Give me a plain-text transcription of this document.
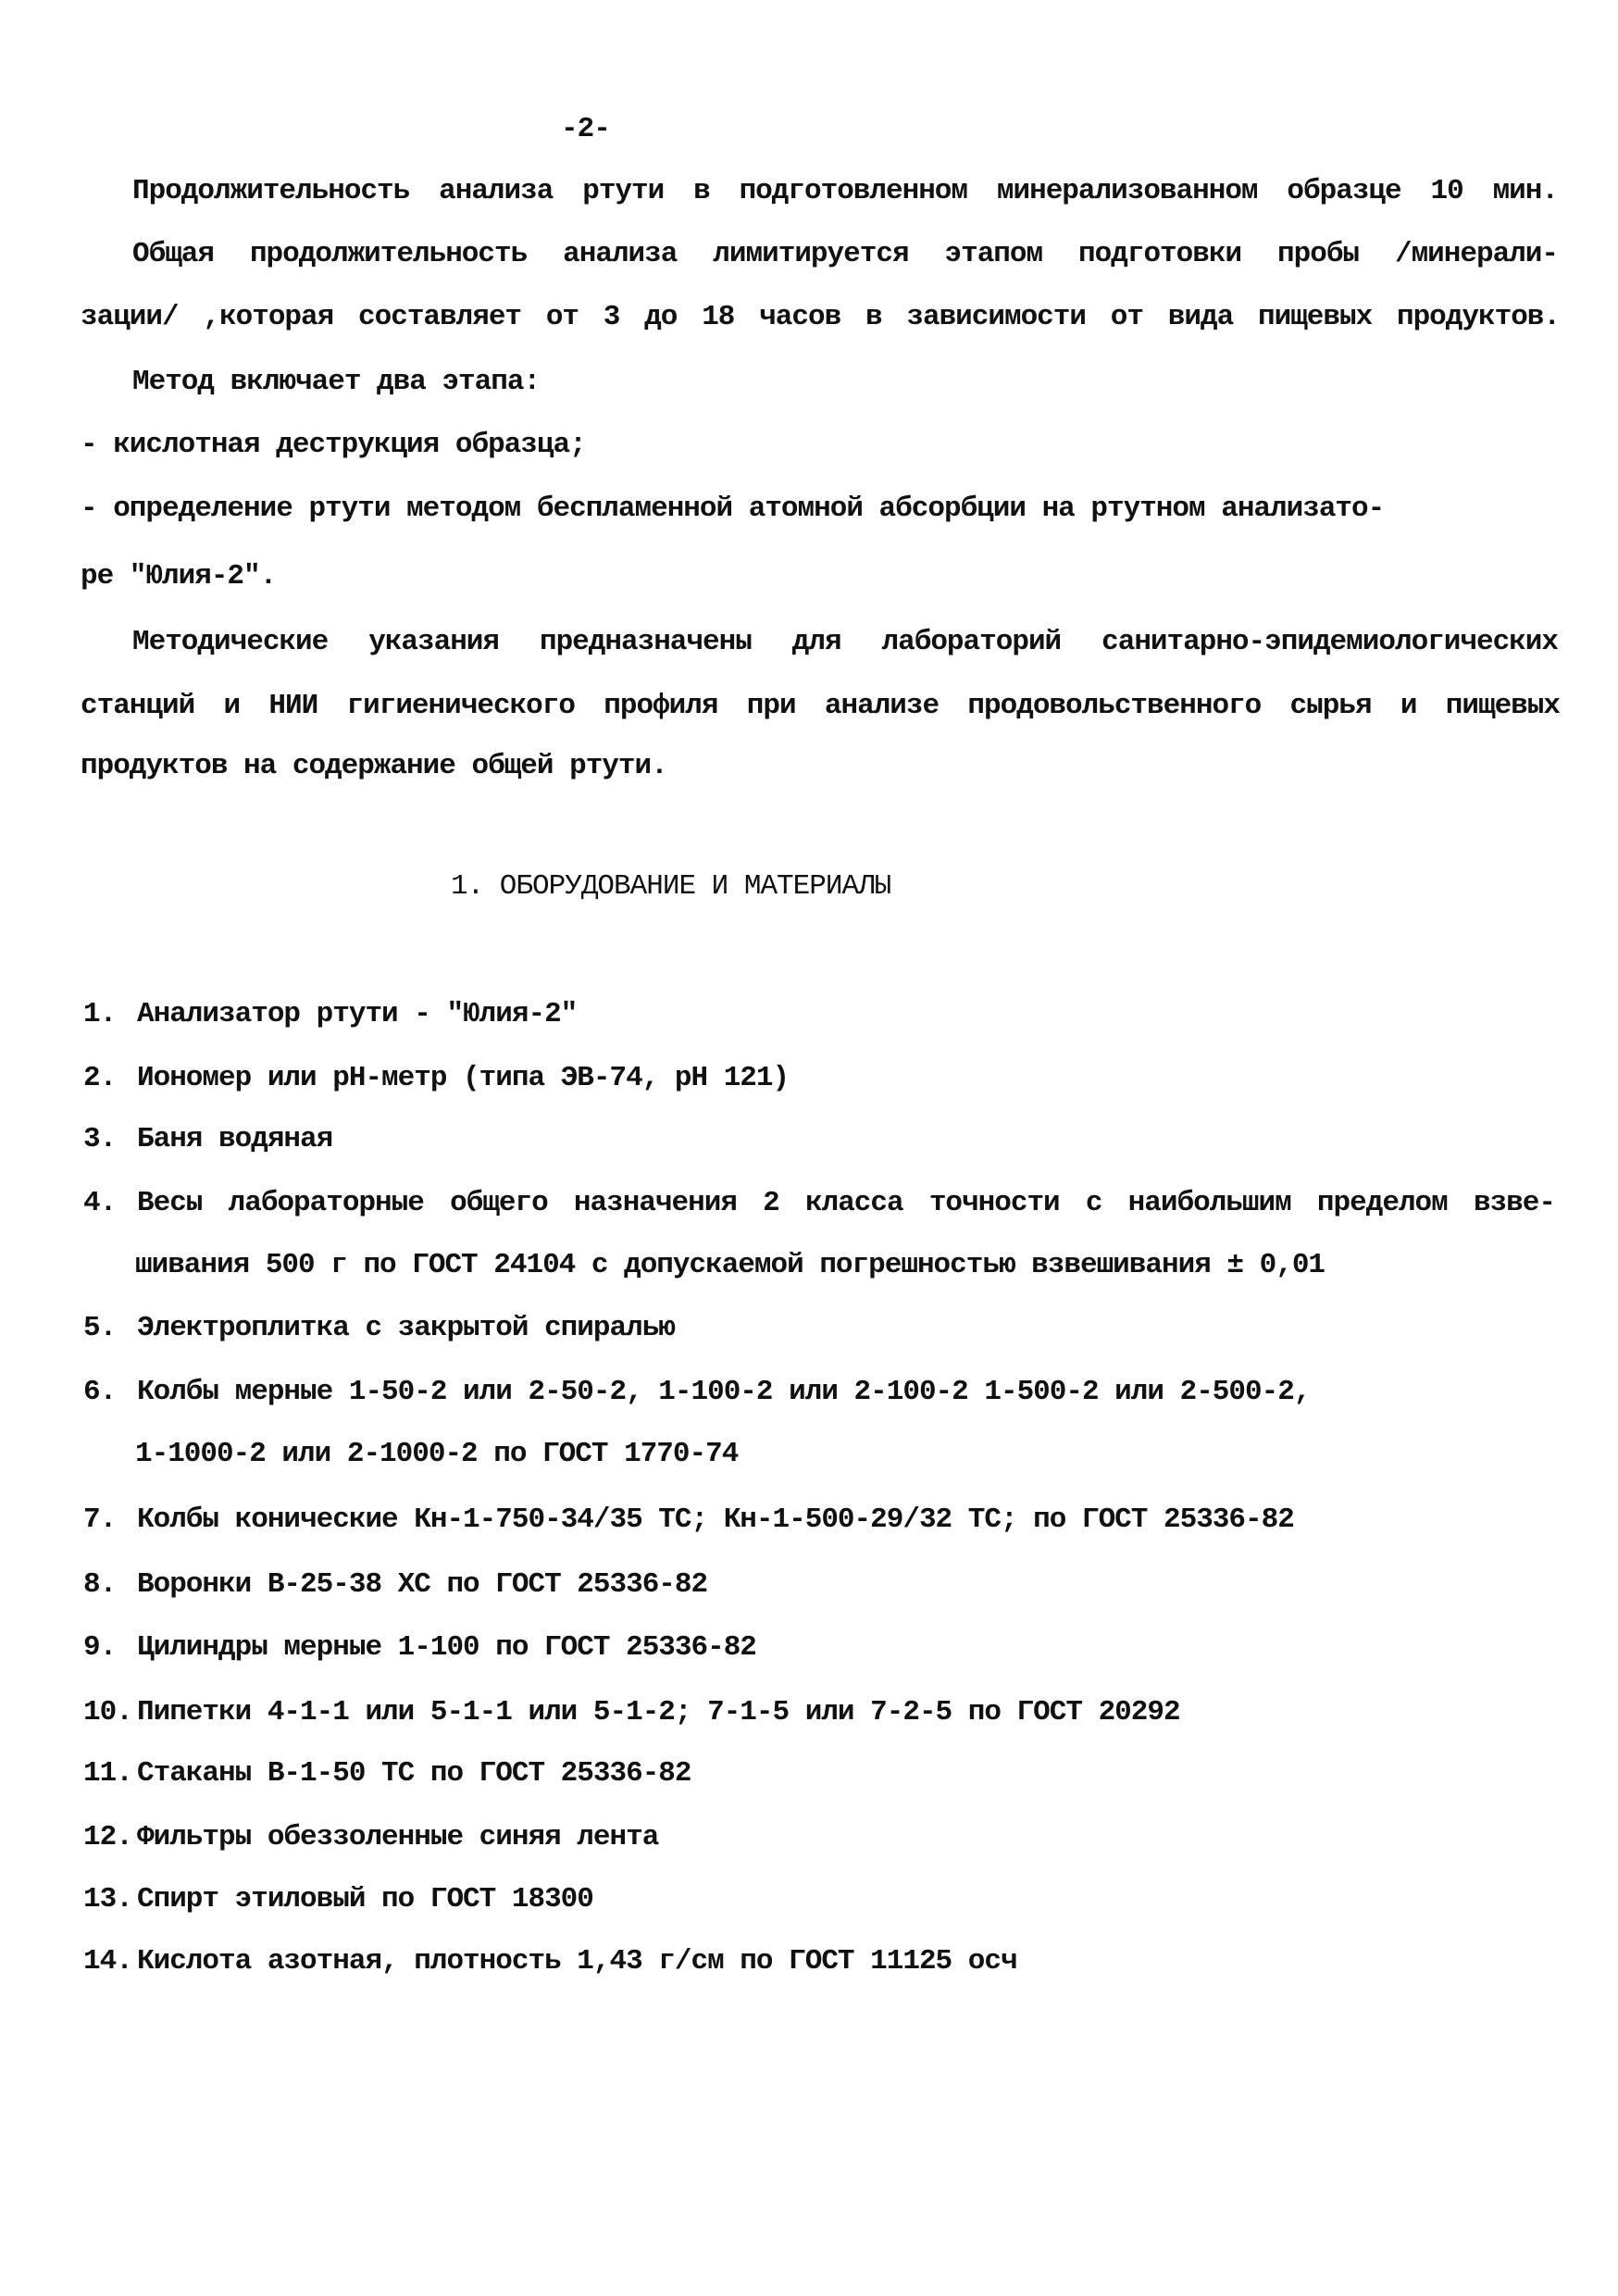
-2-
Продолжительность анализа ртути в подготовленном минерализованном образце 10 мин.
Общая продолжительность анализа лимитируется этапом подготовки пробы /минерали-
зации/ ,которая составляет от 3 до 18 часов в зависимости от вида пищевых продуктов.
Метод включает два этапа:
- кислотная деструкция образца;
- определение ртути методом беспламенной атомной абсорбции на ртутном анализато-
ре "Юлия-2".
Методические указания предназначены для лабораторий санитарно-эпидемиологических
станций и НИИ гигиенического профиля при анализе продовольственного сырья и пищевых
продуктов на содержание общей ртути.
1. ОБОРУДОВАНИЕ И МАТЕРИАЛЫ
1. Анализатор ртути - "Юлия-2"
2. Иономер или pH-метр (типа ЭВ-74, pH 121)
3. Баня водяная
4. Весы лабораторные общего назначения 2 класса точности с наибольшим пределом взве-
шивания 500 г по ГОСТ 24104 с допускаемой погрешностью взвешивания ± 0,01
5. Электроплитка с закрытой спиралью
6. Колбы мерные 1-50-2 или 2-50-2, 1-100-2 или 2-100-2 1-500-2 или 2-500-2,
1-1000-2 или 2-1000-2 по ГОСТ 1770-74
7. Колбы конические Кн-1-750-34/35 ТС; Кн-1-500-29/32 ТС; по ГОСТ 25336-82
8. Воронки В-25-38 ХС по ГОСТ 25336-82
9. Цилиндры мерные 1-100 по ГОСТ 25336-82
10. Пипетки 4-1-1 или 5-1-1 или 5-1-2; 7-1-5 или 7-2-5 по ГОСТ 20292
11. Стаканы В-1-50 ТС по ГОСТ 25336-82
12. Фильтры обеззоленные синяя лента
13. Спирт этиловый по ГОСТ 18300
14. Кислота азотная, плотность 1,43 г/см по ГОСТ 11125 осч
